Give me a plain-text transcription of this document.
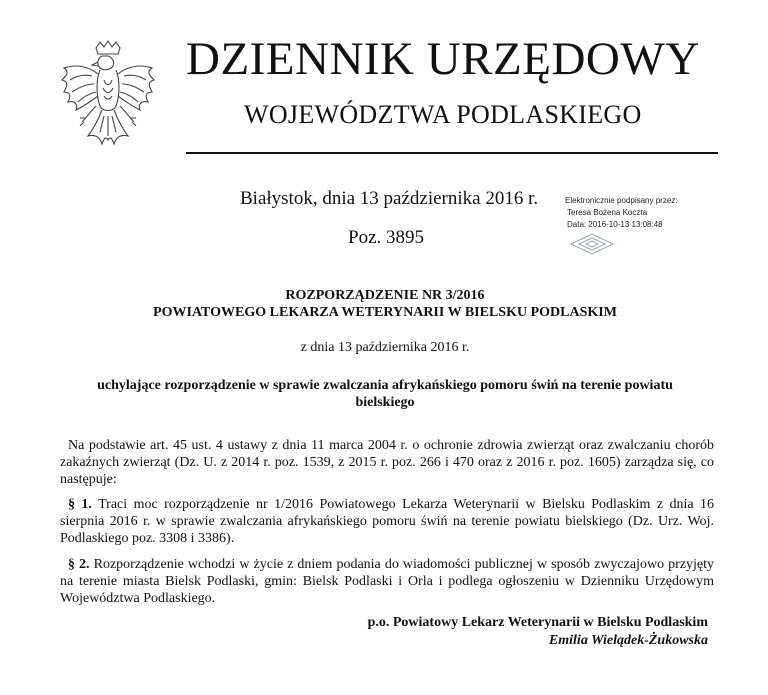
DZIENNIK URZĘDOWY
WOJEWÓDZTWA PODLASKIEGO
Białystok, dnia 13 października 2016 r.
Poz. 3895
Elektronicznie podpisany przez:
Teresa Bożena Koczta
Data: 2016-10-13 13:08:48
ROZPORZĄDZENIE NR 3/2016
POWIATOWEGO LEKARZA WETERYNARII W BIELSKU PODLASKIM
z dnia 13 października 2016 r.
uchylające rozporządzenie w sprawie zwalczania afrykańskiego pomoru świń na terenie powiatu bielskiego
Na podstawie art. 45 ust. 4 ustawy z dnia 11 marca 2004 r. o ochronie zdrowia zwierząt oraz zwalczaniu chorób zakaźnych zwierząt (Dz. U. z 2014 r. poz. 1539, z 2015 r. poz. 266 i 470 oraz z 2016 r. poz. 1605) zarządza się, co następuje:
§ 1. Traci moc rozporządzenie nr 1/2016 Powiatowego Lekarza Weterynarii w Bielsku Podlaskim z dnia 16 sierpnia 2016 r. w sprawie zwalczania afrykańskiego pomoru świń na terenie powiatu bielskiego (Dz. Urz. Woj. Podlaskiego poz. 3308 i 3386).
§ 2. Rozporządzenie wchodzi w życie z dniem podania do wiadomości publicznej w sposób zwyczajowo przyjęty na terenie miasta Bielsk Podlaski, gmin: Bielsk Podlaski i Orla i podlega ogłoszeniu w Dzienniku Urzędowym Województwa Podlaskiego.
p.o. Powiatowy Lekarz Weterynarii w Bielsku Podlaskim
Emilia Wielądek-Żukowska
